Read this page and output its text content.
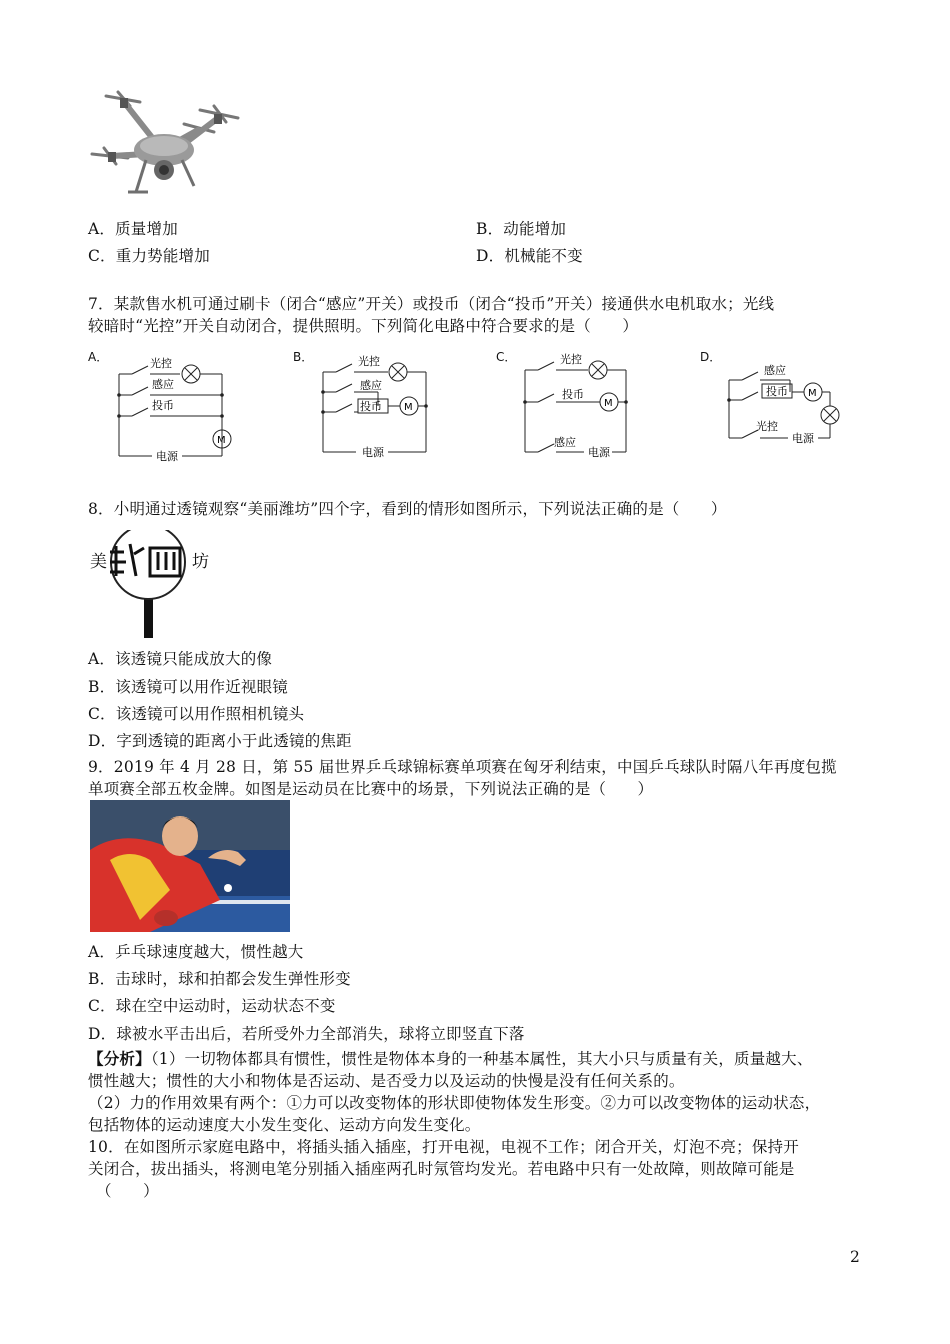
A．质量增加	B．动能增加
C．重力势能增加	D．机械能不变
7．某款售水机可通过刷卡（闭合“感应”开关）或投币（闭合“投币”开关）接通供水电机取水；光线
较暗时“光控”开关自动闭合，提供照明。下列简化电路中符合要求的是（　　）
A．	光控
感应
投币
电源
M
B．	光控
感应
投币
电源
M
C．	光控
投币
感应
电源
M
D．
感应
投币
光控
电源
M
8．小明通过透镜观察“美丽潍坊”四个字，看到的情形如图所示，下列说法正确的是（　　）
美	坊
A．该透镜只能成放大的像
B．该透镜可以用作近视眼镜
C．该透镜可以用作照相机镜头
D．字到透镜的距离小于此透镜的焦距
9．2019 年 4 月 28 日，第 55 届世界乒乓球锦标赛单项赛在匈牙利结束，中国乒乓球队时隔八年再度包揽
单项赛全部五枚金牌。如图是运动员在比赛中的场景，下列说法正确的是（　　）
A．乒乓球速度越大，惯性越大
B．击球时，球和拍都会发生弹性形变
C．球在空中运动时，运动状态不变
D．球被水平击出后，若所受外力全部消失，球将立即竖直下落
【分析】（1）一切物体都具有惯性，惯性是物体本身的一种基本属性，其大小只与质量有关，质量越大、
惯性越大；惯性的大小和物体是否运动、是否受力以及运动的快慢是没有任何关系的。
（2）力的作用效果有两个：①力可以改变物体的形状即使物体发生形变。②力可以改变物体的运动状态，
包括物体的运动速度大小发生变化、运动方向发生变化。
10．在如图所示家庭电路中，将插头插入插座，打开电视，电视不工作；闭合开关，灯泡不亮；保持开
关闭合，拔出插头，将测电笔分别插入插座两孔时氖管均发光。若电路中只有一处故障，则故障可能是
（　　）
2
